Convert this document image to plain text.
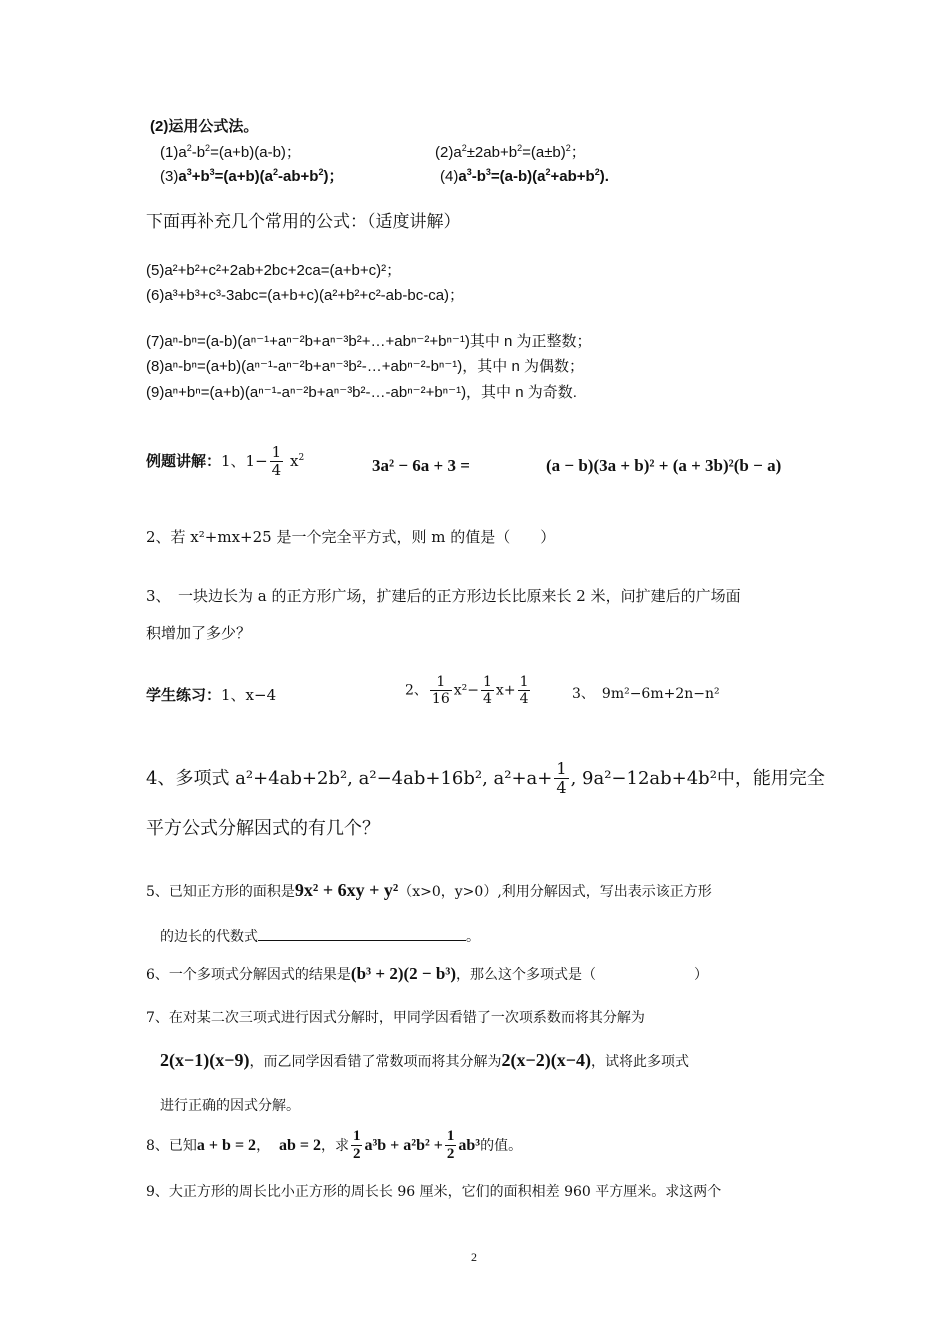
(2)运用公式法。
$(1)a^2-b^2=(a+b)(a-b)$；	$(2)a^2\pm 2ab+b^2=(a\pm b)^2$；
$(3)a^3+b^3=(a+b)(a^2-ab+b^2)$；	$(4)a^3-b^3=(a-b)(a^2+ab+b^2)$.
下面再补充几个常用的公式：（适度讲解）
(5)a²+b²+c²+2ab+2bc+2ca=(a+b+c)²；
(6)a³+b³+c³-3abc=(a+b+c)(a²+b²+c²-ab-bc-ca)；
(7)aⁿ-bⁿ=(a-b)(aⁿ⁻¹+aⁿ⁻²b+aⁿ⁻³b²+…+abⁿ⁻²+bⁿ⁻¹)其中 n 为正整数；
(8)aⁿ-bⁿ=(a+b)(aⁿ⁻¹-aⁿ⁻²b+aⁿ⁻³b²-…+abⁿ⁻²-bⁿ⁻¹)，其中 n 为偶数；
(9)aⁿ+bⁿ=(a+b)(aⁿ⁻¹-aⁿ⁻²b+aⁿ⁻³b²-…-abⁿ⁻²+bⁿ⁻¹)，其中 n 为奇数.
例题讲解：1、$1- \frac{1}{4} x^2$	3a² − 6a + 3 =	(a − b)(3a + b)² + (a + 3b)²(b − a)
2、若 x²+mx+25 是一个完全平方式，则 m 的值是（　　）
3、　一块边长为 a 的正方形广场，扩建后的正方形边长比原来长 2 米，问扩建后的广场面
积增加了多少？
学生练习：1、x−4	2、 $\frac{1}{16} x^2- \frac{1}{4} x+ \frac{1}{4}$	3、　9m²−6m+2n−n²
4、多项式 a²+4ab+2b², a²−4ab+16b², $a^2+a+ \frac{1}{4}$ , 9a²−12ab+4b²中，能用完全
平方公式分解因式的有几个？
5、已知正方形的面积是9x² + 6xy + y²（x>0，y>0）,利用分解因式，写出表示该正方形
的边长的代数式	。
6、一个多项式分解因式的结果是(b³ + 2)(2 − b³)，那么这个多项式是（　　　　　　　）
7、在对某二次三项式进行因式分解时，甲同学因看错了一次项系数而将其分解为
2(x−1)(x−9)，而乙同学因看错了常数项而将其分解为2(x−2)(x−4)，试将此多项式
进行正确的因式分解。
8、已知a + b = 2， ab = 2，求 $\frac{1}{2} a^3b + a^2b^2 + \frac{1}{2} ab^3$的值。
9、大正方形的周长比小正方形的周长长 96 厘米，它们的面积相差 960 平方厘米。求这两个
2
